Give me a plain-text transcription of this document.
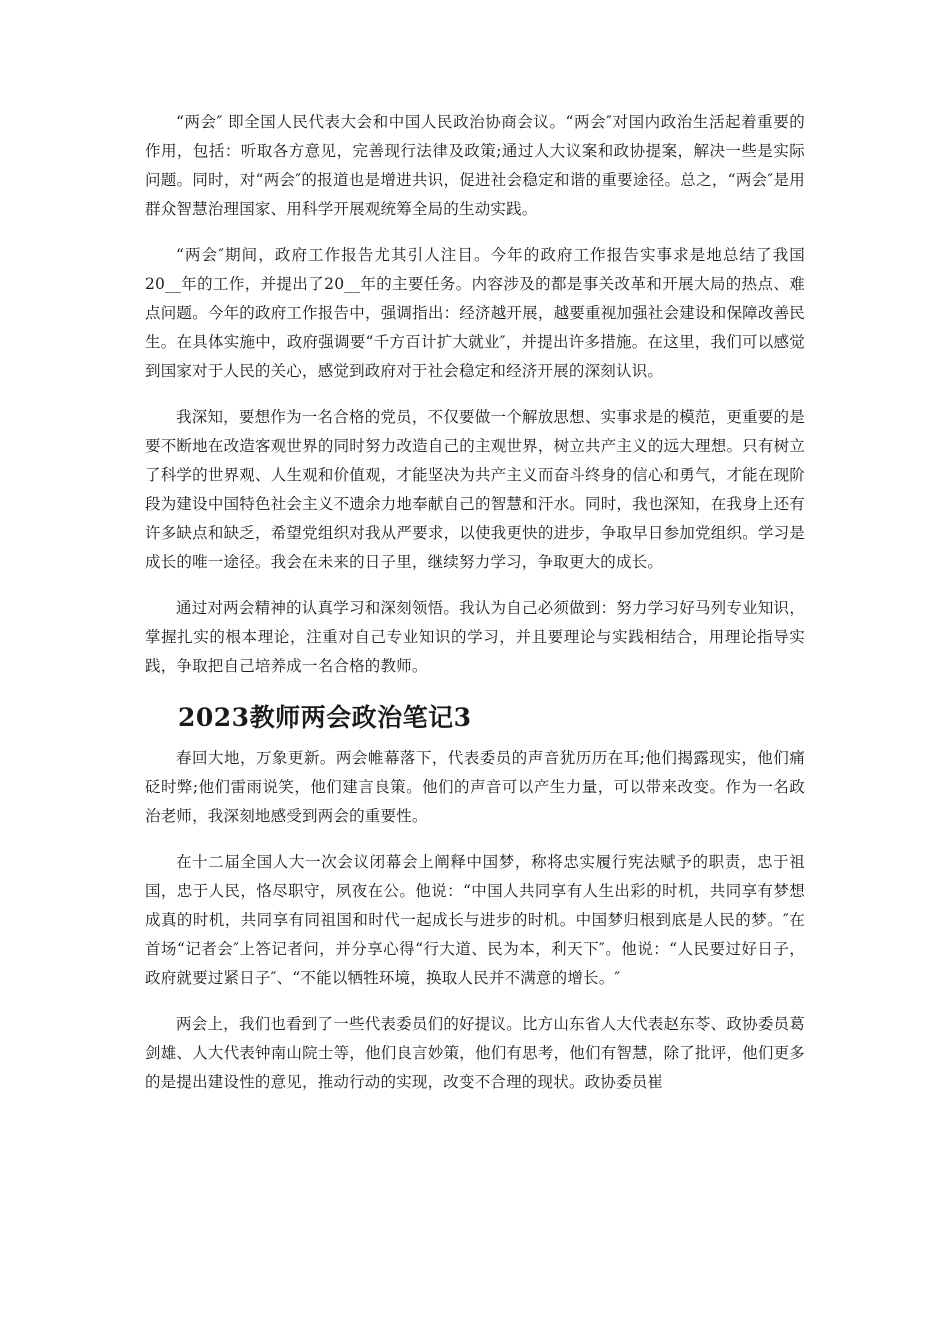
“两会″ 即全国人民代表大会和中国人民政治协商会议。“两会″对国内政治生活起着重要的作用，包括：听取各方意见，完善现行法律及政策;通过人大议案和政协提案，解决一些是实际问题。同时，对“两会″的报道也是增进共识，促进社会稳定和谐的重要途径。总之，“两会″是用群众智慧治理国家、用科学开展观统筹全局的生动实践。

“两会″期间，政府工作报告尤其引人注目。今年的政府工作报告实事求是地总结了我国20__年的工作，并提出了20__年的主要任务。内容涉及的都是事关改革和开展大局的热点、难点问题。今年的政府工作报告中，强调指出：经济越开展，越要重视加强社会建设和保障改善民生。在具体实施中，政府强调要“千方百计扩大就业″，并提出许多措施。在这里，我们可以感觉到国家对于人民的关心，感觉到政府对于社会稳定和经济开展的深刻认识。

我深知，要想作为一名合格的党员，不仅要做一个解放思想、实事求是的模范，更重要的是要不断地在改造客观世界的同时努力改造自己的主观世界，树立共产主义的远大理想。只有树立了科学的世界观、人生观和价值观，才能坚决为共产主义而奋斗终身的信心和勇气，才能在现阶段为建设中国特色社会主义不遗余力地奉献自己的智慧和汗水。同时，我也深知，在我身上还有许多缺点和缺乏，希望党组织对我从严要求，以使我更快的进步，争取早日参加党组织。学习是成长的唯一途径。我会在未来的日子里，继续努力学习，争取更大的成长。

通过对两会精神的认真学习和深刻领悟。我认为自己必须做到：努力学习好马列专业知识，掌握扎实的根本理论，注重对自己专业知识的学习，并且要理论与实践相结合，用理论指导实践，争取把自己培养成一名合格的教师。

2023教师两会政治笔记3

春回大地，万象更新。两会帷幕落下，代表委员的声音犹历历在耳;他们揭露现实，他们痛砭时弊;他们雷雨说笑，他们建言良策。他们的声音可以产生力量，可以带来改变。作为一名政治老师，我深刻地感受到两会的重要性。

在十二届全国人大一次会议闭幕会上阐释中国梦，称将忠实履行宪法赋予的职责，忠于祖国，忠于人民，恪尽职守，夙夜在公。他说：“中国人共同享有人生出彩的时机，共同享有梦想成真的时机，共同享有同祖国和时代一起成长与进步的时机。中国梦归根到底是人民的梦。″在首场“记者会″上答记者问，并分享心得“行大道、民为本，利天下″。他说：“人民要过好日子，政府就要过紧日子″、“不能以牺牲环境，换取人民并不满意的增长。″

两会上，我们也看到了一些代表委员们的好提议。比方山东省人大代表赵东苓、政协委员葛剑雄、人大代表钟南山院士等，他们良言妙策，他们有思考，他们有智慧，除了批评，他们更多的是提出建设性的意见，推动行动的实现，改变不合理的现状。政协委员崔
